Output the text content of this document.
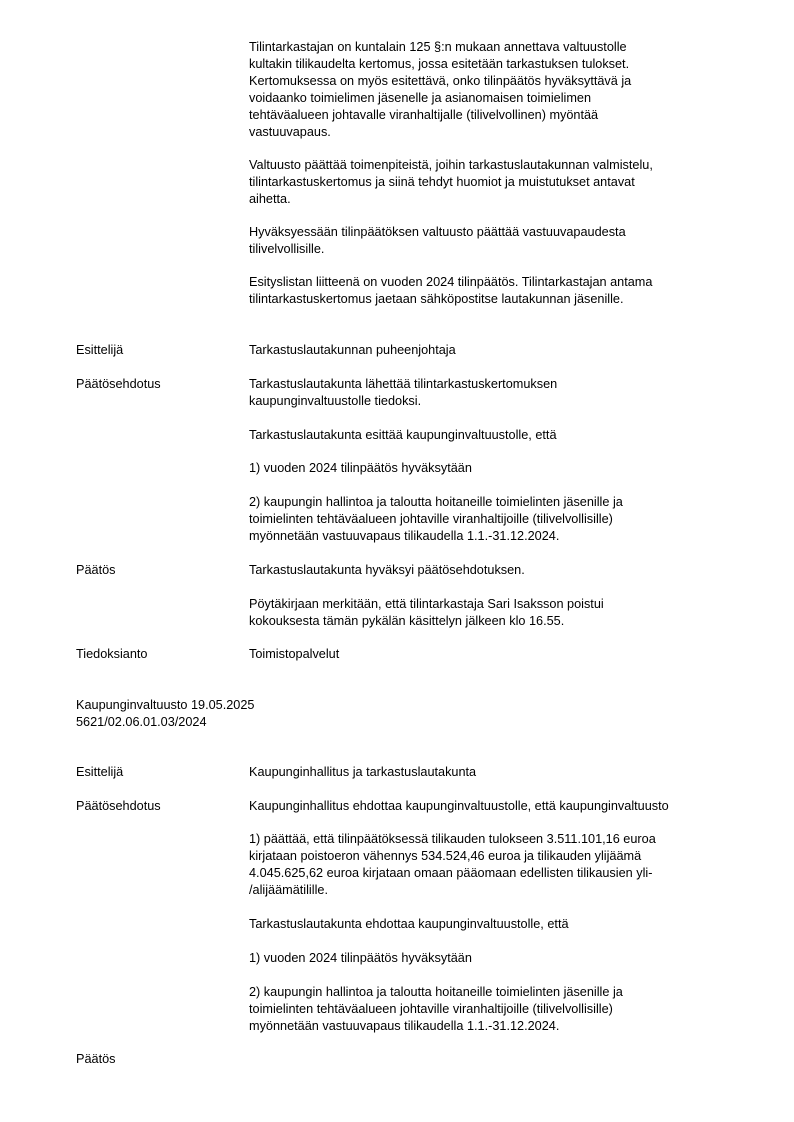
Tilintarkastajan on kuntalain 125 §:n mukaan annettava valtuustolle
kultakin tilikaudelta kertomus, jossa esitetään tarkastuksen tulokset.
Kertomuksessa on myös esitettävä, onko tilinpäätös hyväksyttävä ja
voidaanko toimielimen jäsenelle ja asianomaisen toimielimen
tehtäväalueen johtavalle viranhaltijalle (tilivelvollinen) myöntää
vastuuvapaus.
Valtuusto päättää toimenpiteistä, joihin tarkastuslautakunnan valmistelu,
tilintarkastuskertomus ja siinä tehdyt huomiot ja muistutukset antavat
aihetta.
Hyväksyessään tilinpäätöksen valtuusto päättää vastuuvapaudesta
tilivelvollisille.
Esityslistan liitteenä on vuoden 2024 tilinpäätös. Tilintarkastajan antama
tilintarkastuskertomus jaetaan sähköpostitse lautakunnan jäsenille.
Esittelijä	Tarkastuslautakunnan puheenjohtaja
Päätösehdotus	Tarkastuslautakunta lähettää tilintarkastuskertomuksen
kaupunginvaltuustolle tiedoksi.
Tarkastuslautakunta esittää kaupunginvaltuustolle, että
1) vuoden 2024 tilinpäätös hyväksytään
2) kaupungin hallintoa ja taloutta hoitaneille toimielinten jäsenille ja
toimielinten tehtäväalueen johtaville viranhaltijoille (tilivelvollisille)
myönnetään vastuuvapaus tilikaudella 1.1.-31.12.2024.
Päätös	Tarkastuslautakunta hyväksyi päätösehdotuksen.
Pöytäkirjaan merkitään, että tilintarkastaja Sari Isaksson poistui
kokouksesta tämän pykälän käsittelyn jälkeen klo 16.55.
Tiedoksianto	Toimistopalvelut
Kaupunginvaltuusto 19.05.2025
5621/02.06.01.03/2024
Esittelijä	Kaupunginhallitus ja tarkastuslautakunta
Päätösehdotus	Kaupunginhallitus ehdottaa kaupunginvaltuustolle, että kaupunginvaltuusto
1) päättää, että tilinpäätöksessä tilikauden tulokseen 3.511.101,16 euroa
kirjataan poistoeron vähennys 534.524,46 euroa ja tilikauden ylijäämä
4.045.625,62 euroa kirjataan omaan pääomaan edellisten tilikausien yli-
/alijäämätilille.
Tarkastuslautakunta ehdottaa kaupunginvaltuustolle, että
1) vuoden 2024 tilinpäätös hyväksytään
2) kaupungin hallintoa ja taloutta hoitaneille toimielinten jäsenille ja
toimielinten tehtäväalueen johtaville viranhaltijoille (tilivelvollisille)
myönnetään vastuuvapaus tilikaudella 1.1.-31.12.2024.
Päätös
